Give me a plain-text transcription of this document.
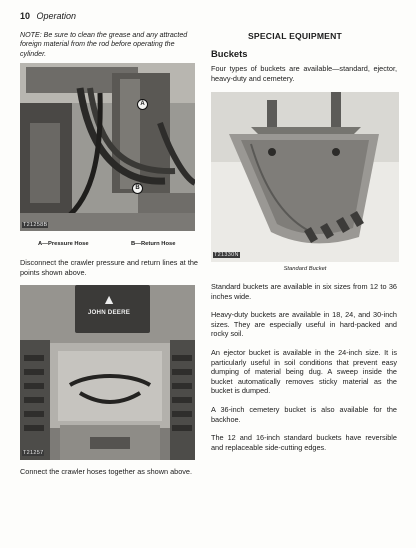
10 Operation
NOTE: Be sure to clean the grease and any attracted foreign material from the rod before operating the cylinder.
A
B
T21258B
A—Pressure Hose	B—Return Hose

Disconnect the crawler pressure and return lines at the points shown above.

▲
JOHN DEERE
T21257

Connect the crawler hoses together as shown above.

SPECIAL EQUIPMENT
Buckets

Four types of buckets are available—standard, ejector, heavy-duty and cemetery.

T21330N
Standard Bucket

Standard buckets are available in six sizes from 12 to 36 inches wide.

Heavy-duty buckets are available in 18, 24, and 30-inch sizes. They are especially useful in hard-packed and rocky soil.

An ejector bucket is available in the 24-inch size. It is particularly useful in soil conditions that prevent easy dumping of material being dug. A sweep inside the bucket automatically removes sticky material as the bucket is dumped.

A 36-inch cemetery bucket is also available for the backhoe.

The 12 and 16-inch standard buckets have reversible and replaceable side-cutting edges.
